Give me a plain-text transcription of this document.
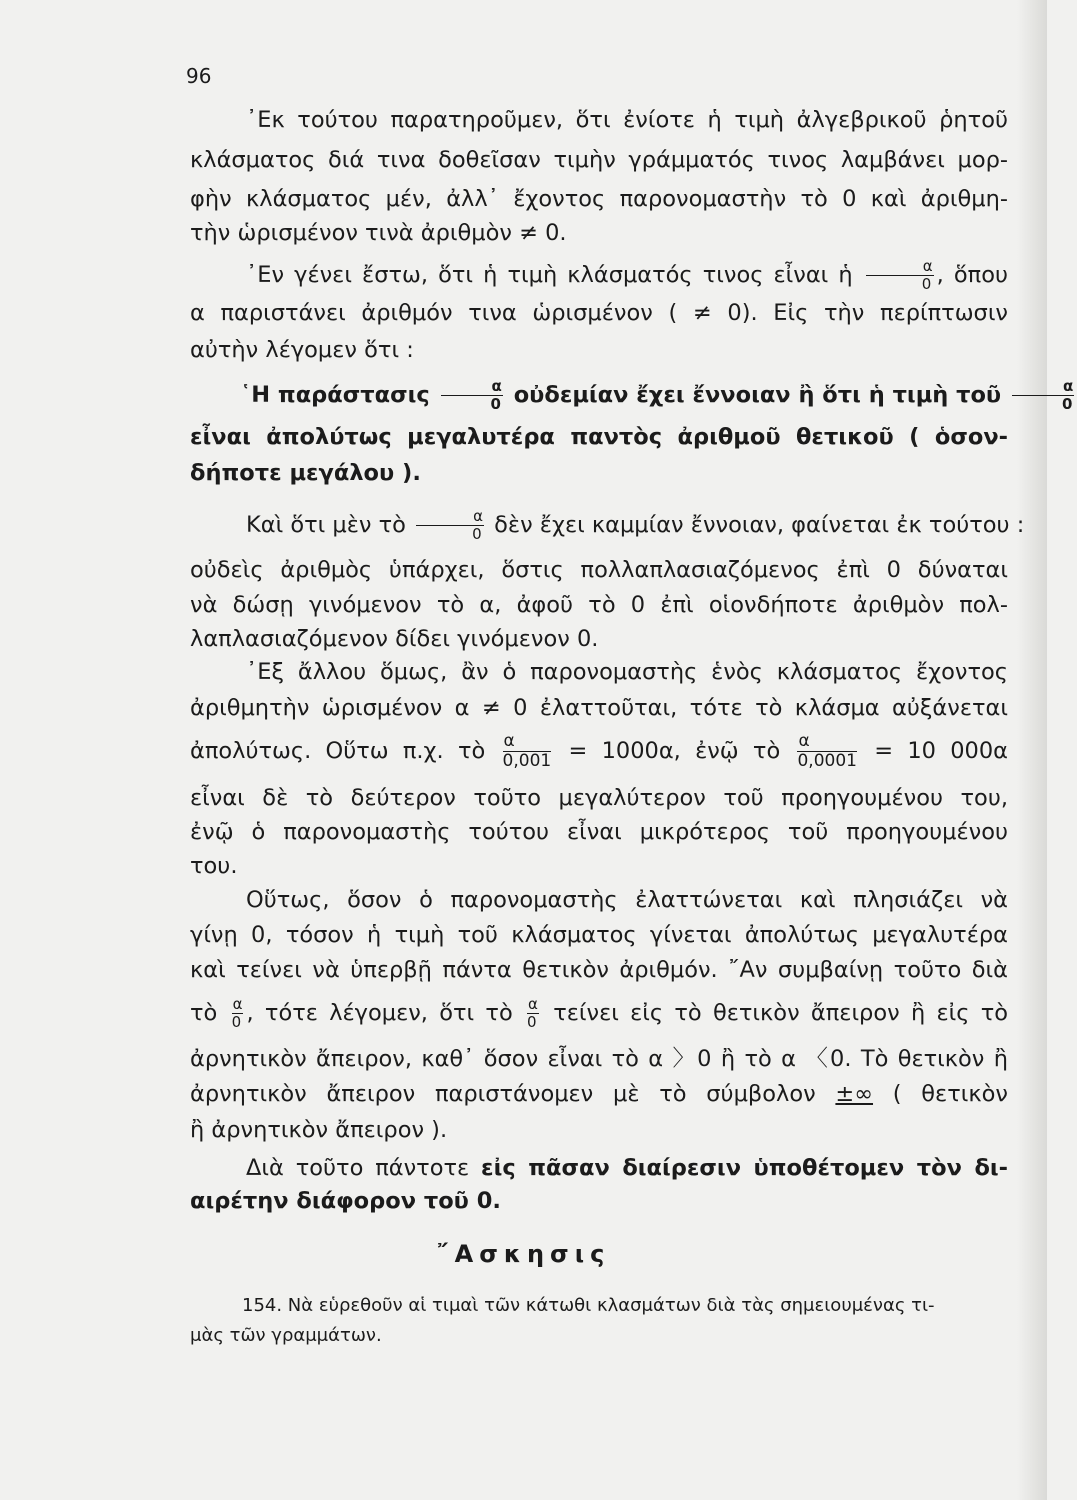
96
᾿Εκ τούτου παρατηροῦμεν, ὅτι ἐνίοτε ἡ τιμὴ ἀλγεβρικοῦ ῥητοῦ
κλάσματος διά τινα δοθεῖσαν τιμὴν γράμματός τινος λαμβάνει μορ-
φὴν κλάσματος μέν, ἀλλ᾿ ἔχοντος παρονομαστὴν τὸ 0 καὶ ἀριθμη-
τὴν ὡρισμένον τινὰ ἀριθμὸν ≠ 0.
᾿Εν γένει ἔστω, ὅτι ἡ τιμὴ κλάσματός τινος εἶναι ἡ $\frac{\alpha}{0}$ , ὅπου
α παριστάνει ἀριθμόν τινα ὡρισμένον ( ≠ 0). Εἰς τὴν περίπτωσιν
αὐτὴν λέγομεν ὅτι :
῾Η παράστασις $\frac{\alpha}{0}$ οὐδεμίαν ἔχει ἔννοιαν ἢ ὅτι ἡ τιμὴ τοῦ $\frac{\alpha}{0}$
εἶναι ἀπολύτως μεγαλυτέρα παντὸς ἀριθμοῦ θετικοῦ ( ὁσον-
δήποτε μεγάλου ).
Καὶ ὅτι μὲν τὸ $\frac{\alpha}{0}$ δὲν ἔχει καμμίαν ἔννοιαν, φαίνεται ἐκ τούτου :
οὐδεὶς ἀριθμὸς ὑπάρχει, ὅστις πολλαπλασιαζόμενος ἐπὶ 0 δύναται
νὰ δώσῃ γινόμενον τὸ α, ἀφοῦ τὸ 0 ἐπὶ οἱονδήποτε ἀριθμὸν πολ-
λαπλασιαζόμενον δίδει γινόμενον 0.
᾿Εξ ἄλλου ὅμως, ἂν ὁ παρονομαστὴς ἑνὸς κλάσματος ἔχοντος
ἀριθμητὴν ὡρισμένον α ≠ 0 ἐλαττοῦται, τότε τὸ κλάσμα αὐξάνεται
ἀπολύτως. Οὕτω π.χ. τὸ $\frac{\alpha}{0,001} = 1000\alpha$, ἐνῷ τὸ $\frac{\alpha}{0,0001} = 10$ 000α
εἶναι δὲ τὸ δεύτερον τοῦτο μεγαλύτερον τοῦ προηγουμένου του,
ἐνῷ ὁ παρονομαστὴς τούτου εἶναι μικρότερος τοῦ προηγουμένου
του.
Οὕτως, ὅσον ὁ παρονομαστὴς ἐλαττώνεται καὶ πλησιάζει νὰ
γίνῃ 0, τόσον ἡ τιμὴ τοῦ κλάσματος γίνεται ἀπολύτως μεγαλυτέρα
καὶ τείνει νὰ ὑπερβῇ πάντα θετικὸν ἀριθμόν. ῎Αν συμβαίνῃ τοῦτο διὰ
τὸ $\frac{\alpha}{0}$ , τότε λέγομεν, ὅτι τὸ $\frac{\alpha}{0}$ τείνει εἰς τὸ θετικὸν ἄπειρον ἢ εἰς τὸ
ἀρνητικὸν ἄπειρον, καθ᾿ ὅσον εἶναι τὸ α 〉0 ἢ τὸ α 〈0. Τὸ θετικὸν ἢ
ἀρνητικὸν ἄπειρον παριστάνομεν μὲ τὸ σύμβολον ±∞ ( θετικὸν
ἢ ἀρνητικὸν ἄπειρον ).
Διὰ τοῦτο πάντοτε εἰς πᾶσαν διαίρεσιν ὑποθέτομεν τὸν δι-
αιρέτην διάφορον τοῦ 0.
῎Ασκησις
154. Νὰ εὑρεθοῦν αἱ τιμαὶ τῶν κάτωθι κλασμάτων διὰ τὰς σημειουμένας τι-
μὰς τῶν γραμμάτων.
